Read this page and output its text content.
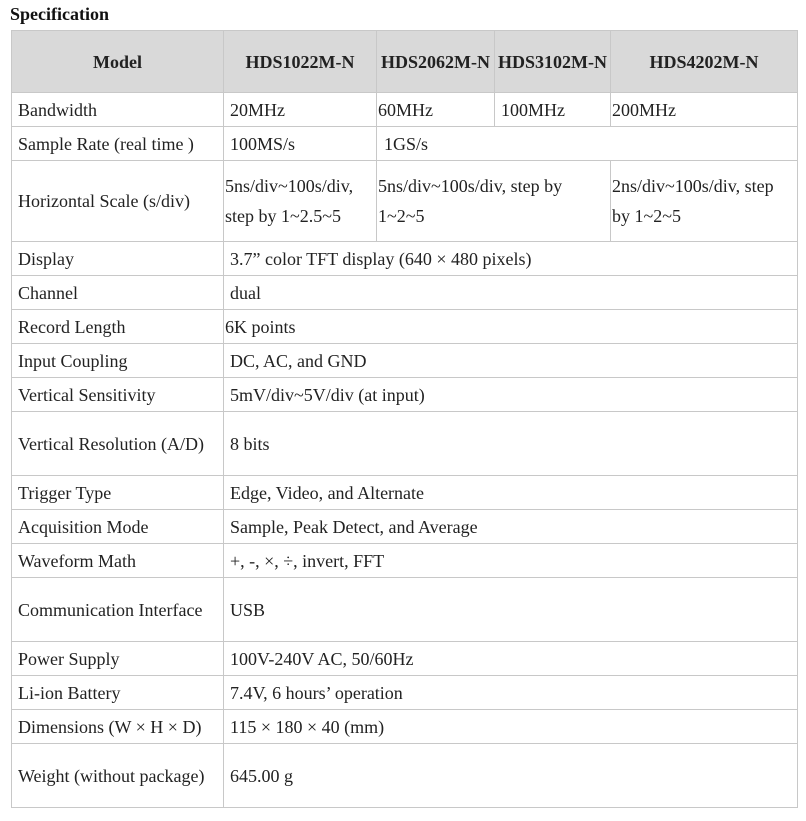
Specification
Model	HDS1022M-N	HDS2062M-N	HDS3102M-N	HDS4202M-N

Bandwidth	20MHz	60MHz	100MHz	200MHz

Sample Rate (real time )	100MS/s	1GS/s		

Horizontal Scale (s/div)	5ns/div~100s/div, step by 1~2.5~5	5ns/div~100s/div, step by 1~2~5		2ns/div~100s/div, step by 1~2~5

Display	3.7” color TFT display (640 × 480 pixels)			

Channel	dual			

Record Length	6K points			

Input Coupling	DC, AC, and GND			

Vertical Sensitivity	5mV/div~5V/div (at input)			

Vertical Resolution (A/D)	8 bits			

Trigger Type	Edge, Video, and Alternate			

Acquisition Mode	Sample, Peak Detect, and Average			

Waveform Math	+, -, ×, ÷, invert, FFT			

Communication Interface	USB			

Power Supply	100V-240V AC, 50/60Hz			

Li-ion Battery	7.4V, 6 hours’ operation			

Dimensions (W × H × D)	115 × 180 × 40 (mm)			

Weight (without package)	645.00 g			
